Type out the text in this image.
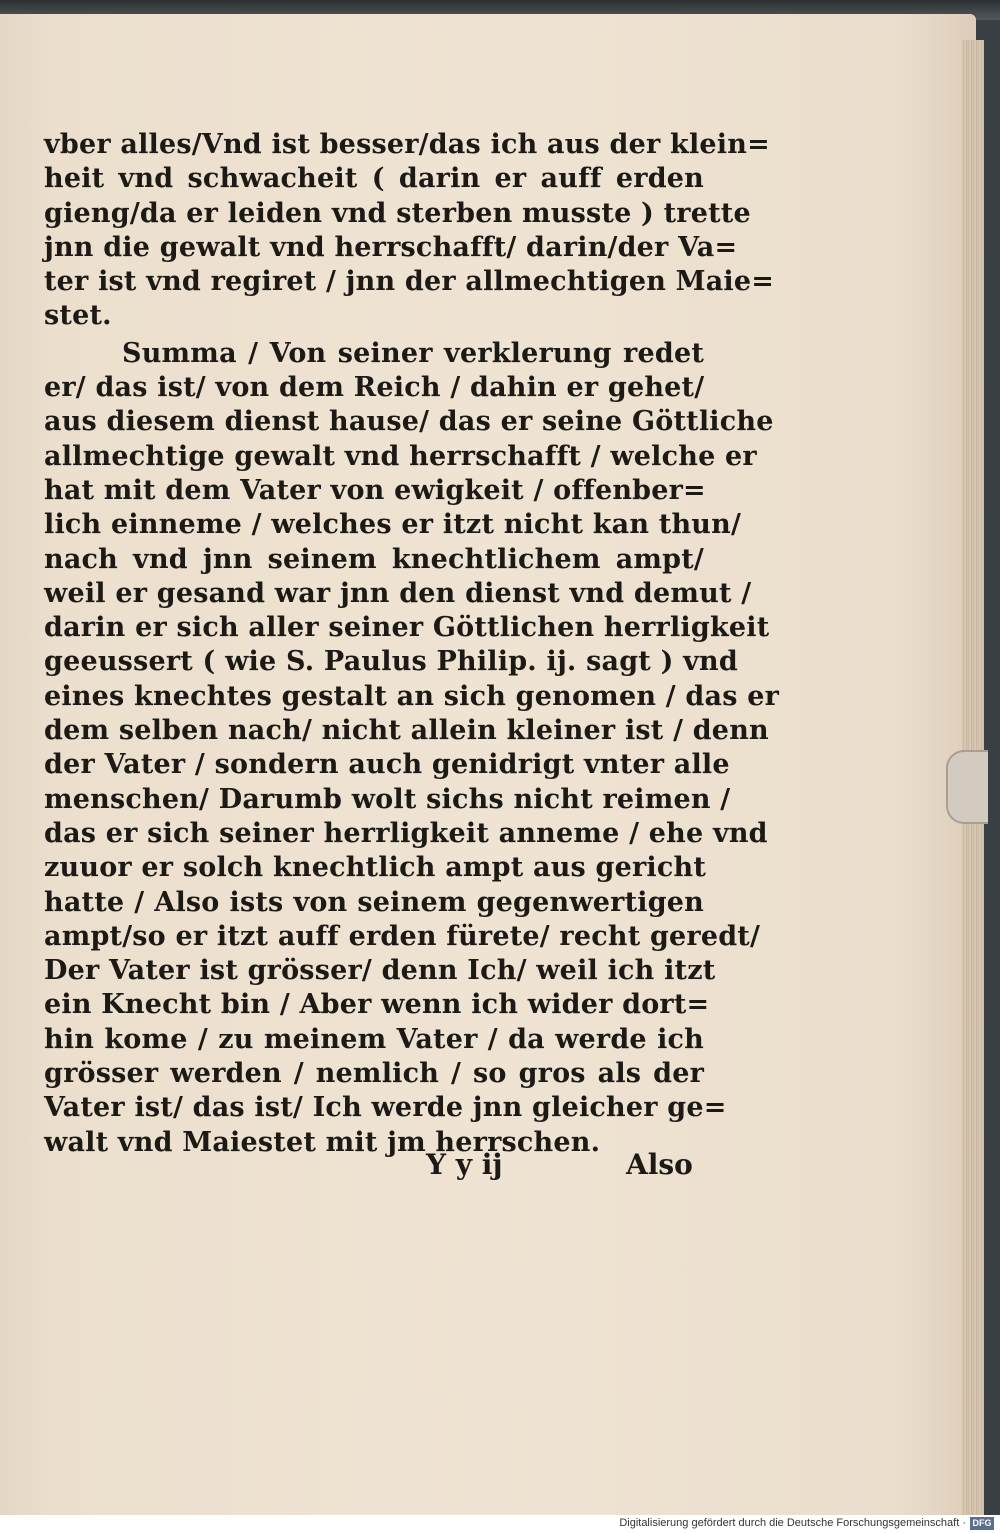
vber alles/Vnd ist besser/das ich aus der klein=
heit vnd schwacheit ( darin er auff erden
gieng/da er leiden vnd sterben musste ) trette
jnn die gewalt vnd herrschafft/ darin/der Va=
ter ist vnd regiret / jnn der allmechtigen Maie=
stet.
Summa / Von seiner verklerung redet
er/ das ist/ von dem Reich / dahin er gehet/
aus diesem dienst hause/ das er seine Göttliche
allmechtige gewalt vnd herrschafft / welche er
hat mit dem Vater von ewigkeit / offenber=
lich einneme / welches er itzt nicht kan thun/
nach vnd jnn seinem knechtlichem ampt/
weil er gesand war jnn den dienst vnd demut /
darin er sich aller seiner Göttlichen herrligkeit
geeussert ( wie S. Paulus Philip. ij. sagt ) vnd
eines knechtes gestalt an sich genomen / das er
dem selben nach/ nicht allein kleiner ist / denn
der Vater / sondern auch genidrigt vnter alle
menschen/ Darumb wolt sichs nicht reimen /
das er sich seiner herrligkeit anneme / ehe vnd
zuuor er solch knechtlich ampt aus gericht
hatte / Also ists von seinem gegenwertigen
ampt/so er itzt auff erden fürete/ recht geredt/
Der Vater ist grösser/ denn Ich/ weil ich itzt
ein Knecht bin / Aber wenn ich wider dort=
hin kome / zu meinem Vater / da werde ich
grösser werden / nemlich / so gros als der
Vater ist/ das ist/ Ich werde jnn gleicher ge=
walt vnd Maiestet mit jm herrschen.
Y y ij	Also
Digitalisierung gefördert durch die Deutsche Forschungsgemeinschaft · DFG
